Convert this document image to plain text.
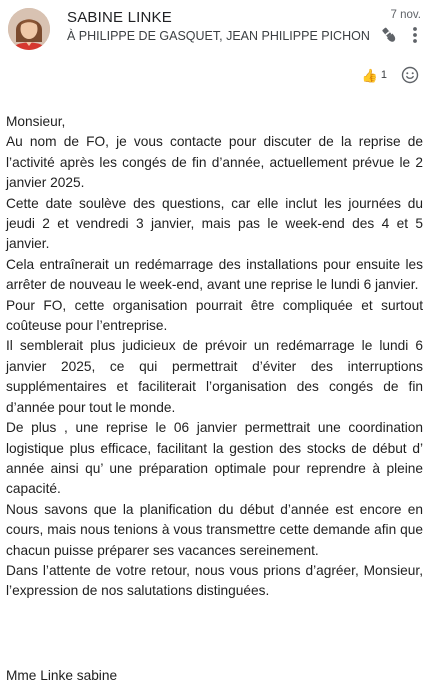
SABINE LINKE
À PHILIPPE DE GASQUET, JEAN PHILIPPE PICHON
7 nov.
👍 1

Monsieur,

Au nom de FO, je vous contacte pour discuter de la reprise de l’activité après les congés de fin d’année, actuellement prévue le 2 janvier 2025.

Cette date soulève des questions, car elle inclut les journées du jeudi 2 et vendredi 3 janvier, mais pas le week-end des 4 et 5 janvier.

Cela entraînerait un redémarrage des installations pour ensuite les arrêter de nouveau le week-end, avant une reprise le lundi 6 janvier.

Pour FO, cette organisation pourrait être compliquée et surtout coûteuse pour l’entreprise.

Il semblerait plus judicieux de prévoir un redémarrage le lundi 6 janvier 2025, ce qui permettrait d’éviter des interruptions supplémentaires et faciliterait l’organisation des congés de fin d’année pour tout le monde.

De plus , une reprise le 06 janvier permettrait une coordination logistique plus efficace, facilitant la gestion des stocks de début d’ année ainsi qu’ une préparation optimale pour reprendre à pleine capacité.

Nous savons que la planification du début d’année est encore en cours, mais nous tenions à vous transmettre cette demande afin que chacun puisse préparer ses vacances sereinement.

Dans l’attente de votre retour, nous vous prions d’agréer, Monsieur, l’expression de nos salutations distinguées.

Mme Linke sabine
